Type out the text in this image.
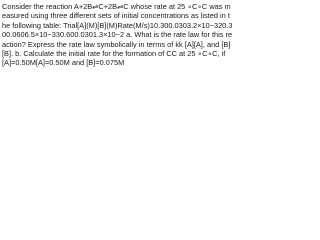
Consider the reaction A+2B⇌C+2B⇌C whose rate at 25 ∘C∘C was measured using three different sets of initial concentrations as listed in the following table: Trial[A](M)[B](M)Rate(M/s)10.300.0303.2×10−320.300.0606.5×10−330.600.0301.3×10−2 a. What is the rate law for this reaction? Express the rate law symbolically in terms of kk [A][A], and [B][B]. b. Calculate the initial rate for the formation of CC at 25 ∘C∘C, if [A]=0.50M[A]=0.50M and [B]=0.075M
